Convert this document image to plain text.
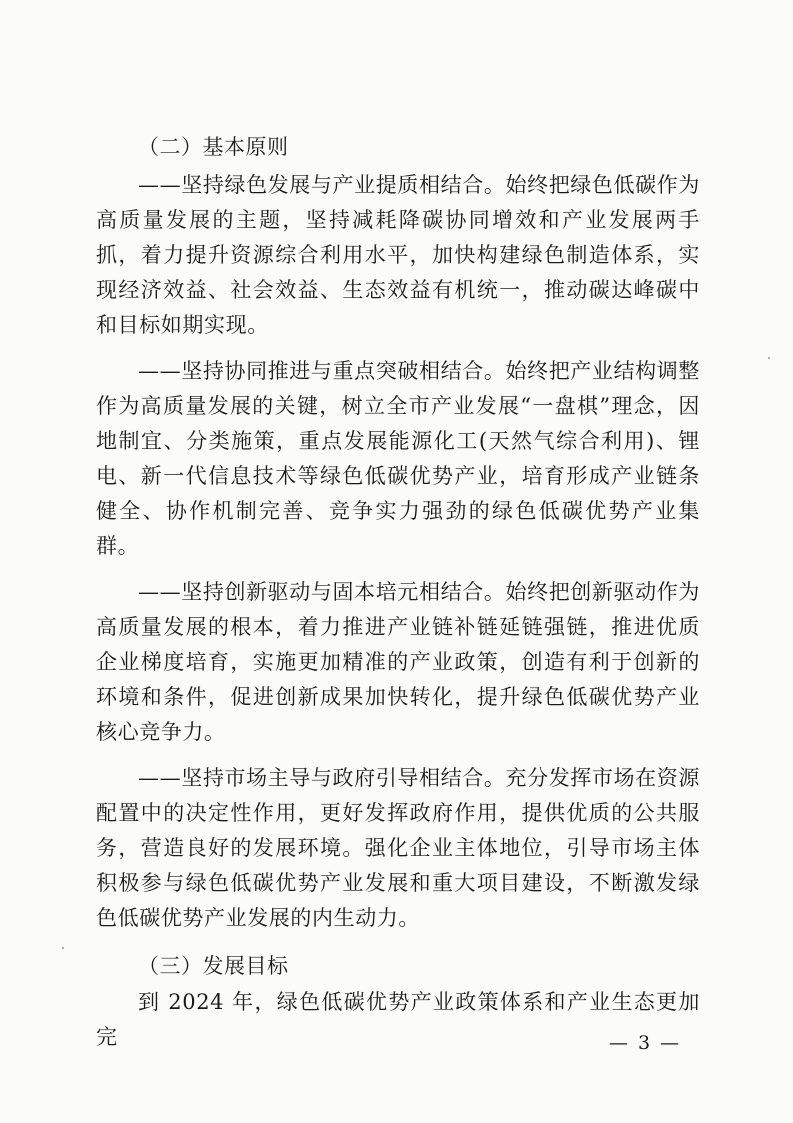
（二）基本原则

——坚持绿色发展与产业提质相结合。始终把绿色低碳作为高质量发展的主题，坚持减耗降碳协同增效和产业发展两手抓，着力提升资源综合利用水平，加快构建绿色制造体系，实现经济效益、社会效益、生态效益有机统一，推动碳达峰碳中和目标如期实现。

——坚持协同推进与重点突破相结合。始终把产业结构调整作为高质量发展的关键，树立全市产业发展“一盘棋”理念，因地制宜、分类施策，重点发展能源化工(天然气综合利用)、锂电、新一代信息技术等绿色低碳优势产业，培育形成产业链条健全、协作机制完善、竞争实力强劲的绿色低碳优势产业集群。

——坚持创新驱动与固本培元相结合。始终把创新驱动作为高质量发展的根本，着力推进产业链补链延链强链，推进优质企业梯度培育，实施更加精准的产业政策，创造有利于创新的环境和条件，促进创新成果加快转化，提升绿色低碳优势产业核心竞争力。

——坚持市场主导与政府引导相结合。充分发挥市场在资源配置中的决定性作用，更好发挥政府作用，提供优质的公共服务，营造良好的发展环境。强化企业主体地位，引导市场主体积极参与绿色低碳优势产业发展和重大项目建设，不断激发绿色低碳优势产业发展的内生动力。

（三）发展目标

到 2024 年，绿色低碳优势产业政策体系和产业生态更加完	— 3 —
